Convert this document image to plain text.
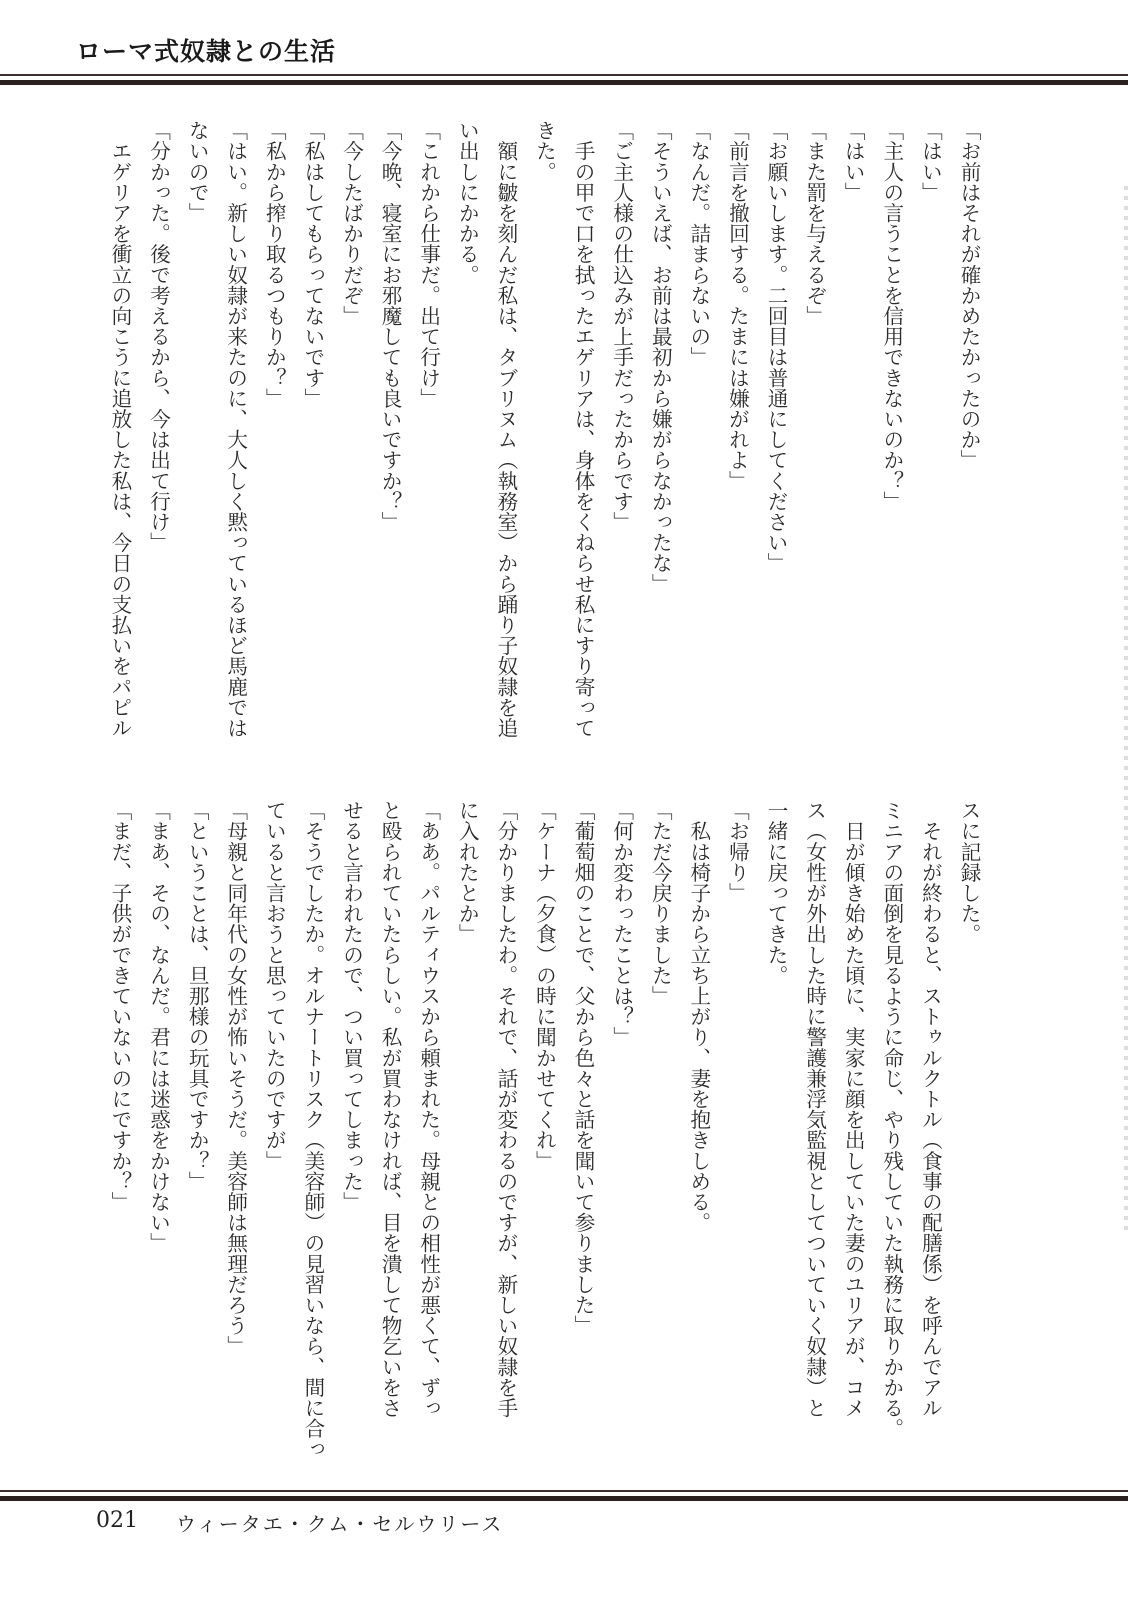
ローマ式奴隷との生活
「お前はそれが確かめたかったのか」
「はい」
「主人の言うことを信用できないのか？」
「はい」
「また罰を与えるぞ」
「お願いします。二回目は普通にしてください」
「前言を撤回する。たまには嫌がれよ」
「なんだ。詰まらないの」
「そういえば、お前は最初から嫌がらなかったな」
「ご主人様の仕込みが上手だったからです」
　手の甲で口を拭ったエゲリアは、身体をくねらせ私にすり寄って
きた。
　額に皺を刻んだ私は、タブリヌム（執務室）から踊り子奴隷を追
い出しにかかる。
「これから仕事だ。出て行け」
「今晩、寝室にお邪魔しても良いですか？」
「今したばかりだぞ」
「私はしてもらってないです」
「私から搾り取るつもりか？」
「はい。新しい奴隷が来たのに、大人しく黙っているほど馬鹿では
ないので」
「分かった。後で考えるから、今は出て行け」
　エゲリアを衝立の向こうに追放した私は、今日の支払いをパピル
スに記録した。
　それが終わると、ストゥルクトル（食事の配膳係）を呼んでアル
ミニアの面倒を見るように命じ、やり残していた執務に取りかかる。
　日が傾き始めた頃に、実家に顔を出していた妻のユリアが、コメ
ス（女性が外出した時に警護兼浮気監視としてついていく奴隷）と
一緒に戻ってきた。
「お帰り」
　私は椅子から立ち上がり、妻を抱きしめる。
「ただ今戻りました」
「何か変わったことは？」
「葡萄畑のことで、父から色々と話を聞いて参りました」
「ケーナ（夕食）の時に聞かせてくれ」
「分かりましたわ。それで、話が変わるのですが、新しい奴隷を手
に入れたとか」
「ああ。パルティウスから頼まれた。母親との相性が悪くて、ずっ
と殴られていたらしい。私が買わなければ、目を潰して物乞いをさ
せると言われたので、つい買ってしまった」
「そうでしたか。オルナートリスク（美容師）の見習いなら、間に合っ
ていると言おうと思っていたのですが」
「母親と同年代の女性が怖いそうだ。美容師は無理だろう」
「ということは、旦那様の玩具ですか？」
「まあ、その、なんだ。君には迷惑をかけない」
「まだ、子供ができていないのにですか？」
021 ウィータエ・クム・セルウリース
